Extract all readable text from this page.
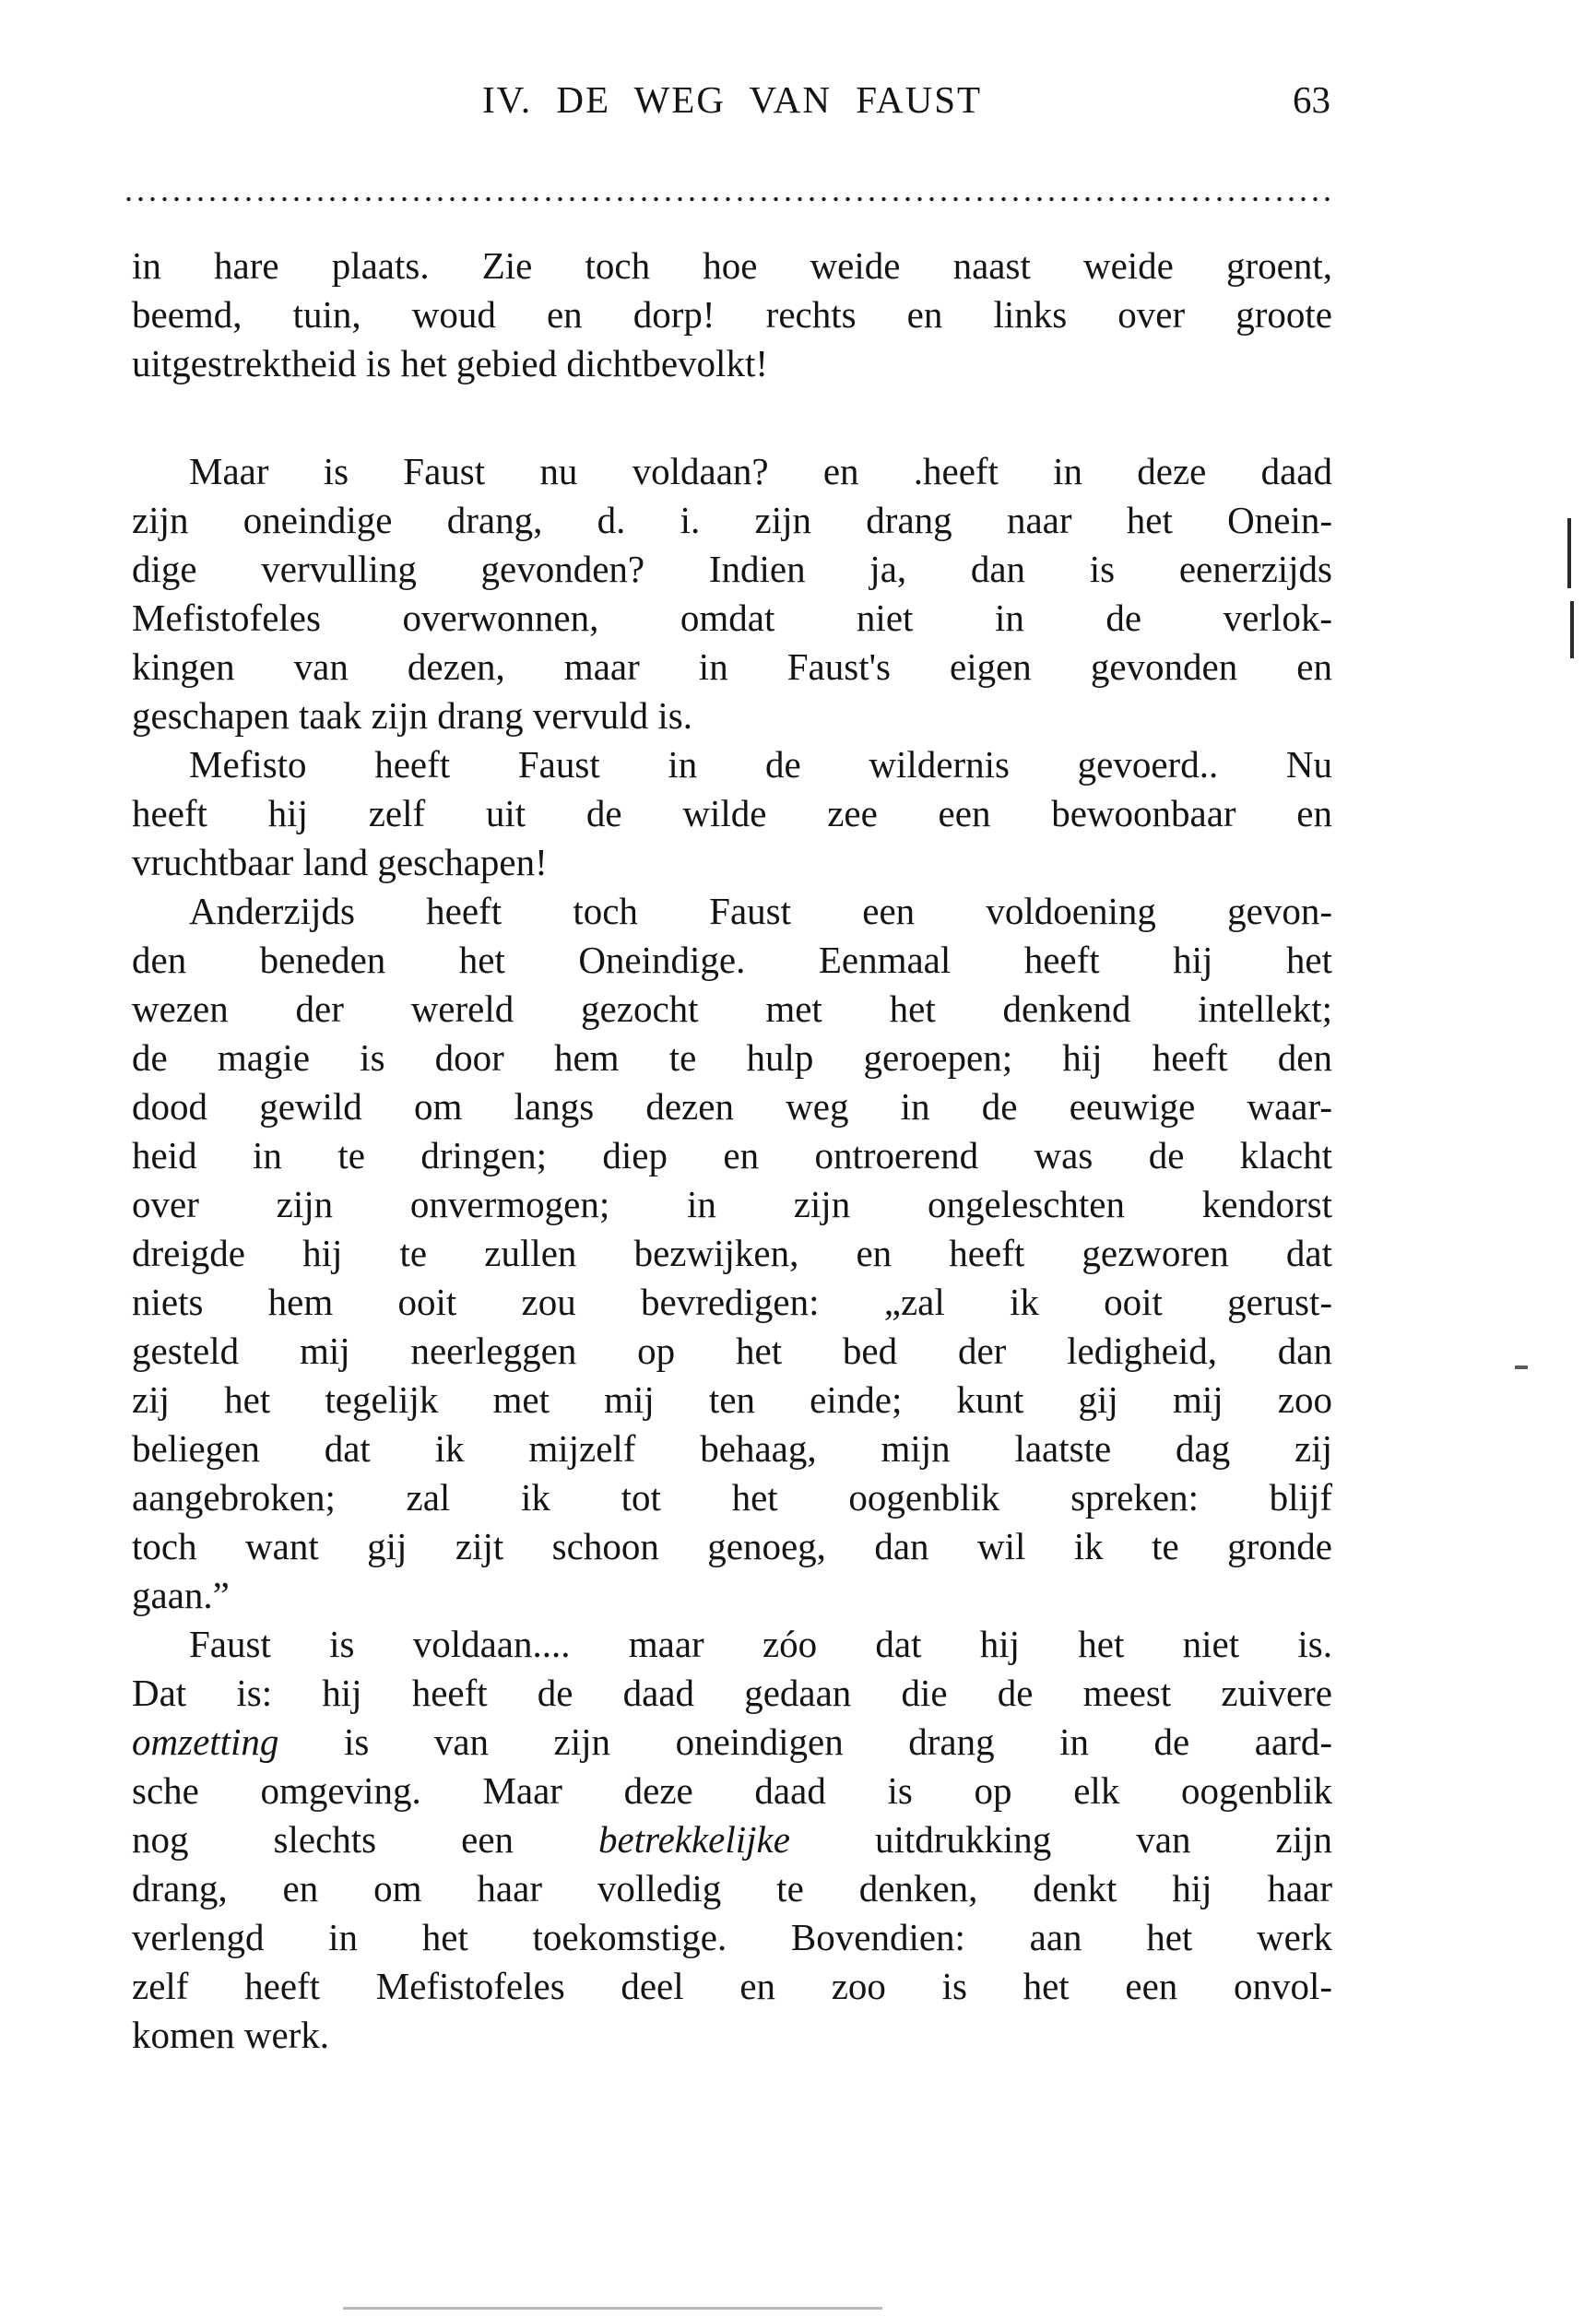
IV. DE WEG VAN FAUST	63
in hare plaats. Zie toch hoe weide naast weide groent,
beemd, tuin, woud en dorp! rechts en links over groote
uitgestrektheid is het gebied dichtbevolkt!
Maar is Faust nu voldaan? en .heeft in deze daad
zijn oneindige drang, d. i. zijn drang naar het Onein-
dige vervulling gevonden? Indien ja, dan is eenerzijds
Mefistofeles overwonnen, omdat niet in de verlok-
kingen van dezen, maar in Faust's eigen gevonden en
geschapen taak zijn drang vervuld is.
Mefisto heeft Faust in de wildernis gevoerd.. Nu
heeft hij zelf uit de wilde zee een bewoonbaar en
vruchtbaar land geschapen!
Anderzijds heeft toch Faust een voldoening gevon-
den beneden het Oneindige. Eenmaal heeft hij het
wezen der wereld gezocht met het denkend intellekt;
de magie is door hem te hulp geroepen; hij heeft den
dood gewild om langs dezen weg in de eeuwige waar-
heid in te dringen; diep en ontroerend was de klacht
over zijn onvermogen; in zijn ongeleschten kendorst
dreigde hij te zullen bezwijken, en heeft gezworen dat
niets hem ooit zou bevredigen: „zal ik ooit gerust-
gesteld mij neerleggen op het bed der ledigheid, dan
zij het tegelijk met mij ten einde; kunt gij mij zoo
beliegen dat ik mijzelf behaag, mijn laatste dag zij
aangebroken; zal ik tot het oogenblik spreken: blijf
toch want gij zijt schoon genoeg, dan wil ik te gronde
gaan.”
Faust is voldaan.... maar zóo dat hij het niet is.
Dat is: hij heeft de daad gedaan die de meest zuivere
omzetting is van zijn oneindigen drang in de aard-
sche omgeving. Maar deze daad is op elk oogenblik
nog slechts een betrekkelijke uitdrukking van zijn
drang, en om haar volledig te denken, denkt hij haar
verlengd in het toekomstige. Bovendien: aan het werk
zelf heeft Mefistofeles deel en zoo is het een onvol-
komen werk.
